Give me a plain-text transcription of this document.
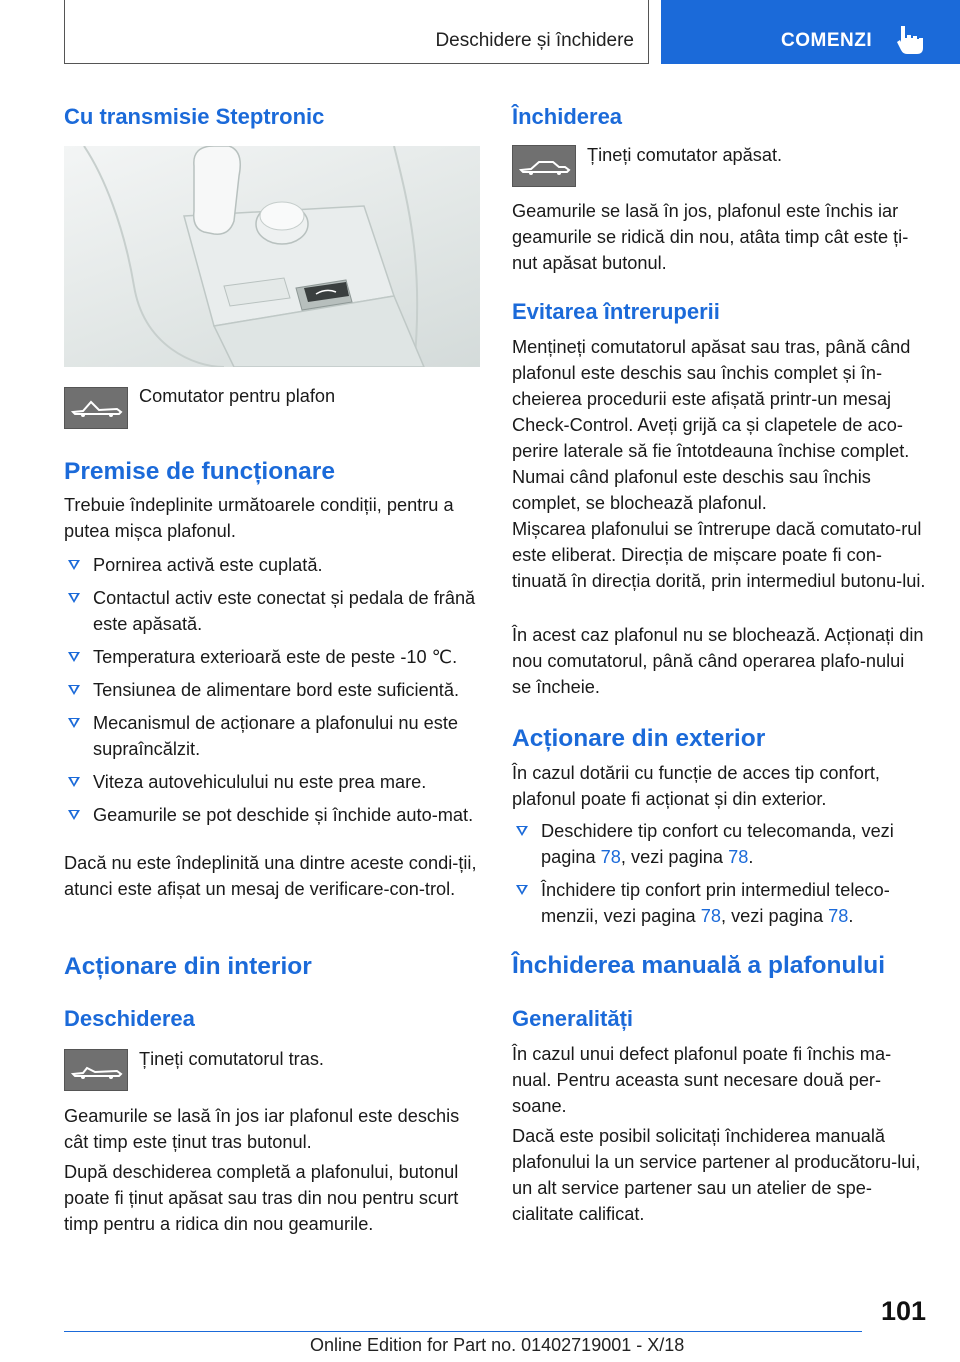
Deschidere și închidere	COMENZI
Cu transmisie Steptronic

Comutator pentru plafon

Premise de funcționare

Trebuie îndeplinite următoarele condiții, pentru a putea mișca plafonul.

Pornirea activă este cuplată.
Contactul activ este conectat și pedala de frână este apăsată.
Temperatura exterioară este de peste -10 ℃.
Tensiunea de alimentare bord este suficientă.
Mecanismul de acționare a plafonului nu este supraîncălzit.
Viteza autovehiculului nu este prea mare.
Geamurile se pot deschide și închide auto-mat.

Dacă nu este îndeplinită una dintre aceste condi-ții, atunci este afișat un mesaj de verificare-con-trol.

Acționare din interior
Deschiderea

Țineți comutatorul tras.

Geamurile se lasă în jos iar plafonul este deschis cât timp este ținut tras butonul.

După deschiderea completă a plafonului, butonul poate fi ținut apăsat sau tras din nou pentru scurt timp pentru a ridica din nou geamurile.

Închiderea

Țineți comutator apăsat.

Geamurile se lasă în jos, plafonul este închis iar geamurile se ridică din nou, atâta timp cât este ți-nut apăsat butonul.

Evitarea întreruperii

Mențineți comutatorul apăsat sau tras, până când plafonul este deschis sau închis complet și în-cheierea procedurii este afișată printr-un mesaj Check-Control. Aveți grijă ca și clapetele de aco-perire laterale să fie întotdeauna închise complet. Numai când plafonul este deschis sau închis complet, se blochează plafonul.

Mișcarea plafonului se întrerupe dacă comutato-rul este eliberat. Direcția de mișcare poate fi con-tinuată în direcția dorită, prin intermediul butonu-lui.

În acest caz plafonul nu se blochează. Acționați din nou comutatorul, până când operarea plafo-nului se încheie.

Acționare din exterior

În cazul dotării cu funcție de acces tip confort, plafonul poate fi acționat și din exterior.

Deschidere tip confort cu telecomanda, vezi pagina 78, vezi pagina 78.
Închidere tip confort prin intermediul teleco-menzii, vezi pagina 78, vezi pagina 78.
Închiderea manuală a plafonului
Generalități

În cazul unui defect plafonul poate fi închis ma-nual. Pentru aceasta sunt necesare două per-soane.

Dacă este posibil solicitați închiderea manuală plafonului la un service partener al producătoru-lui, un alt service partener sau un atelier de spe-cialitate calificat.

101
Online Edition for Part no. 01402719001 - X/18
